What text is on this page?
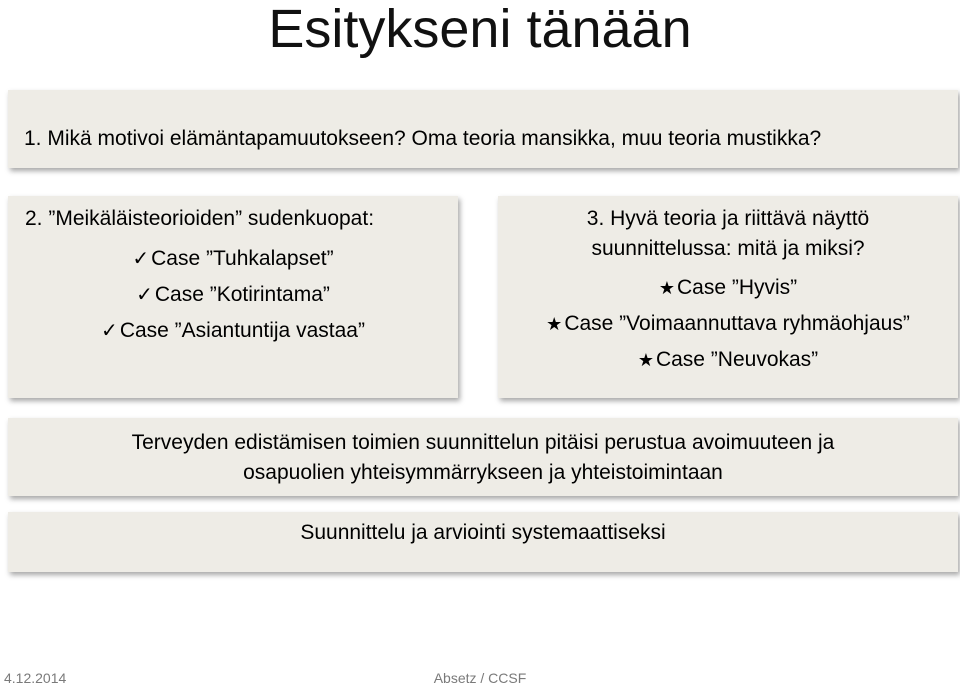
Esitykseni tänään
1. Mikä motivoi elämäntapamuutokseen? Oma teoria mansikka, muu teoria mustikka?
2. ”Meikäläisteorioiden” sudenkuopat:
✓Case ”Tuhkalapset”
✓Case ”Kotirintama”
✓Case ”Asiantuntija vastaa”
3. Hyvä teoria ja riittävä näyttö
suunnittelussa: mitä ja miksi?
★Case ”Hyvis”
★Case ”Voimaannuttava ryhmäohjaus”
★Case ”Neuvokas”
Terveyden edistämisen toimien suunnittelun pitäisi perustua avoimuuteen ja
osapuolien yhteisymmärrykseen ja yhteistoimintaan
Suunnittelu ja arviointi systemaattiseksi
4.12.2014	Absetz / CCSF
